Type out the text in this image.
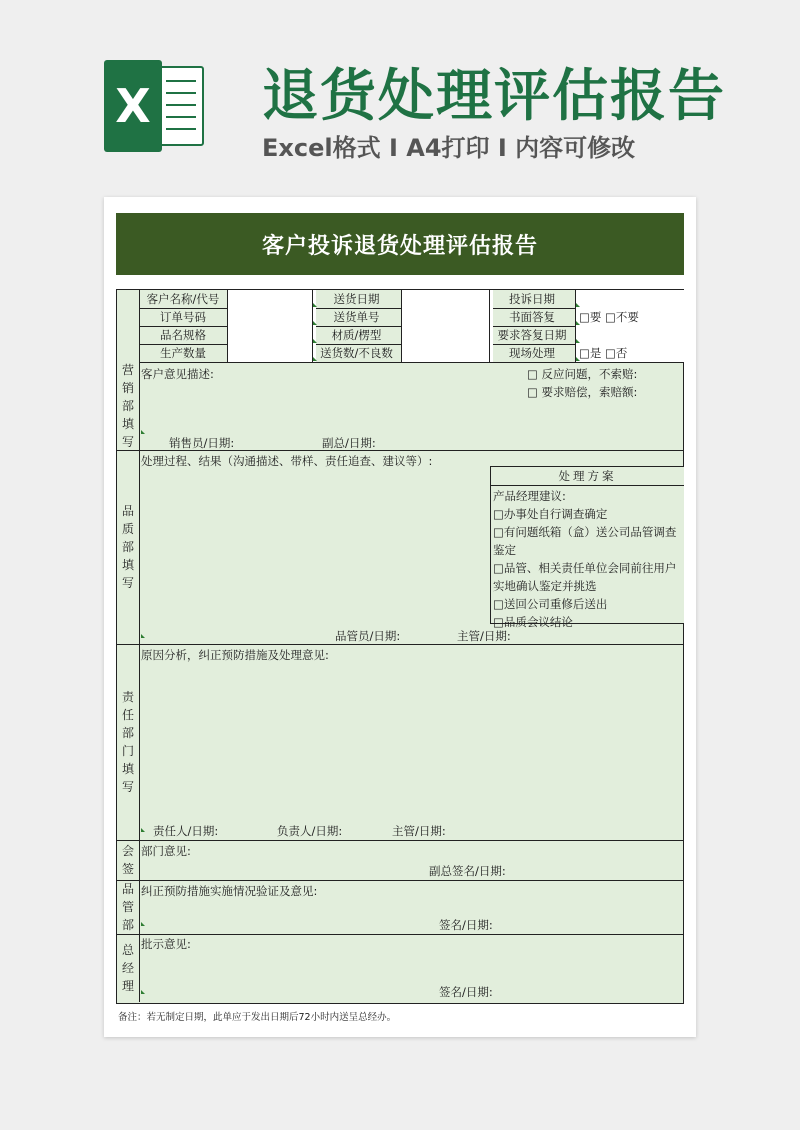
X 退货处理评估报告
Excel格式 I A4打印 I 内容可修改
客户投诉退货处理评估报告
客户名称/代号	送货日期	投诉日期
订单号码	送货单号	书面答复	□要 □不要
品名规格	材质/楞型	要求答复日期
生产数量	送货数/不良数	现场处理	□是 □否
营
销
部
填
写
客户意见描述:	□ 反应问题，不索赔:
□ 要求赔偿，索赔额:
销售员/日期:	副总/日期:
品
质
部
填
写
处理过程、结果（沟通描述、带样、责任追查、建议等）:
处理方案
产品经理建议:
□办事处自行调查确定
□有问题纸箱（盒）送公司品管调查鉴定
□品管、相关责任单位会同前往用户实地确认鉴定并挑选
□送回公司重修后送出
□品质会议结论
品管员/日期:	主管/日期:
责
任
部
门
填
写
原因分析，纠正预防措施及处理意见:
责任人/日期:	负责人/日期:	主管/日期:
会
签
部门意见:
副总签名/日期:
品
管
部
纠正预防措施实施情况验证及意见:
签名/日期:
总
经
理
批示意见:
签名/日期:
备注：若无制定日期，此单应于发出日期后72小时内送呈总经办。
